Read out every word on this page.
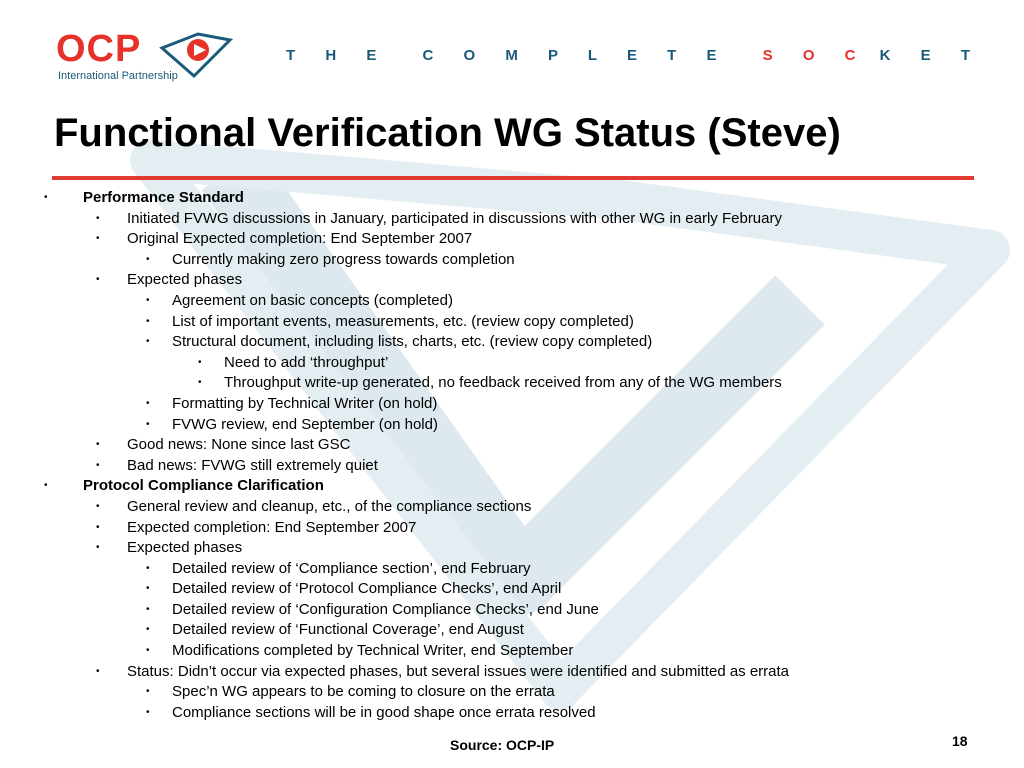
OCP
International Partnership
T H E	C O M P L E T E	S O C K E T
Functional Verification WG Status (Steve)
• Performance Standard
• Initiated FVWG discussions in January, participated in discussions with other WG in early February
• Original Expected completion: End September 2007
• Currently making zero progress towards completion
• Expected phases
• Agreement on basic concepts (completed)
• List of important events, measurements, etc. (review copy completed)
• Structural document, including lists, charts, etc. (review copy completed)
• Need to add ‘throughput’
• Throughput write-up generated, no feedback received from any of the WG members
• Formatting by Technical Writer (on hold)
• FVWG review, end September (on hold)
• Good news: None since last GSC
• Bad news: FVWG still extremely quiet
• Protocol Compliance Clarification
• General review and cleanup, etc., of the compliance sections
• Expected completion: End September 2007
• Expected phases
• Detailed review of ‘Compliance section’, end February
• Detailed review of ‘Protocol Compliance Checks’, end April
• Detailed review of ‘Configuration Compliance Checks’, end June
• Detailed review of ‘Functional Coverage’, end August
• Modifications completed by Technical Writer, end September
• Status: Didn’t occur via expected phases, but several issues were identified and submitted as errata
• Spec’n WG appears to be coming to closure on the errata
• Compliance sections will be in good shape once errata resolved
Source: OCP-IP	18
